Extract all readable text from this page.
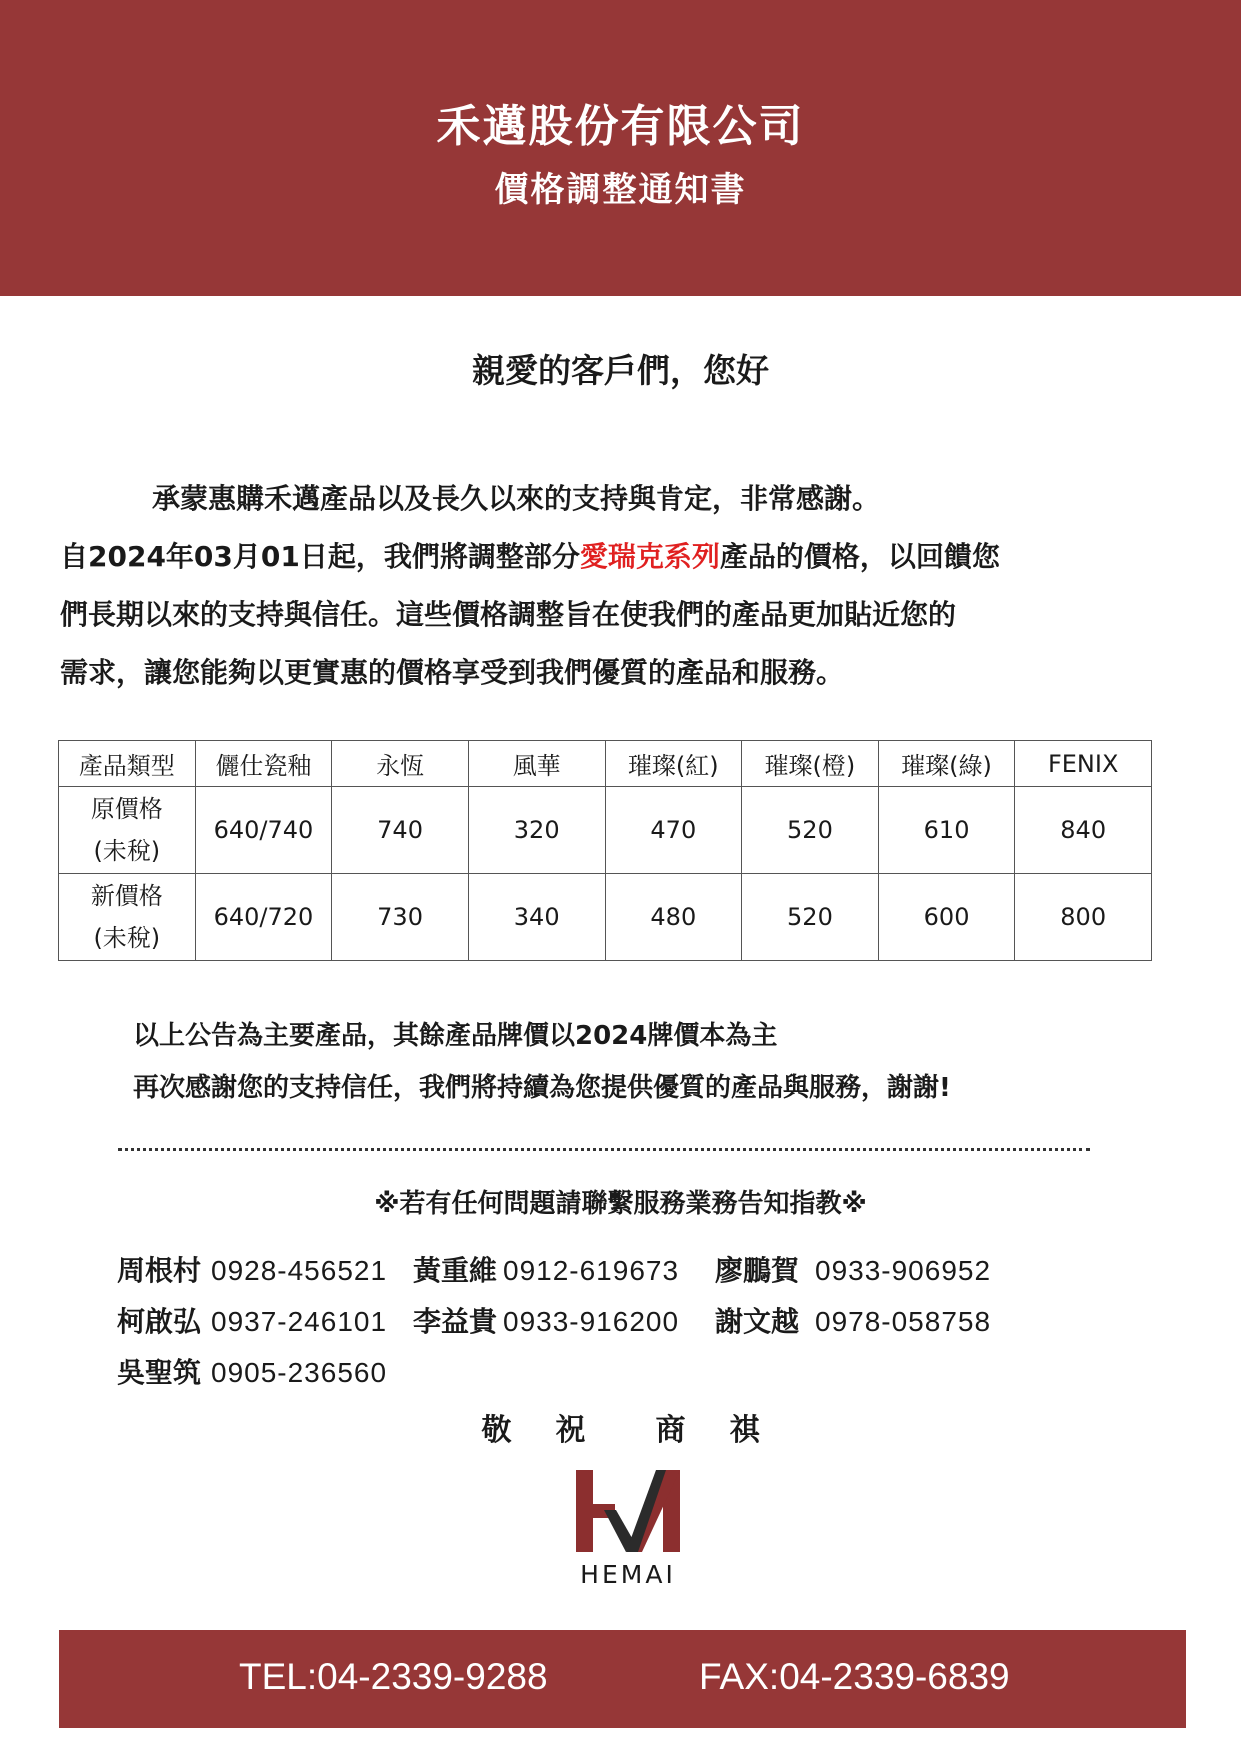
禾邁股份有限公司
價格調整通知書
親愛的客戶們，您好
承蒙惠購禾邁產品以及長久以來的支持與肯定，非常感謝。
自2024年03月01日起，我們將調整部分愛瑞克系列產品的價格，以回饋您
們長期以來的支持與信任。這些價格調整旨在使我們的產品更加貼近您的
需求，讓您能夠以更實惠的價格享受到我們優質的產品和服務。
產品類型	儷仕瓷釉	永恆	風華	璀璨(紅)	璀璨(橙)	璀璨(綠)	FENIX

原價格
(未稅)	640/740	740	320	470	520	610	840

新價格
(未稅)	640/720	730	340	480	520	600	800
以上公告為主要產品，其餘產品牌價以2024牌價本為主
再次感謝您的支持信任，我們將持續為您提供優質的產品與服務，謝謝!
※若有任何問題請聯繫服務業務告知指教※
周根村 0928-456521 黃重維 0912-619673 廖鵬賀 0933-906952
柯啟弘 0937-246101 李益貴 0933-916200 謝文越 0978-058758
吳聖筑 0905-236560
敬 祝 商 祺
HEMAI
TEL:04-2339-9288	FAX:04-2339-6839
